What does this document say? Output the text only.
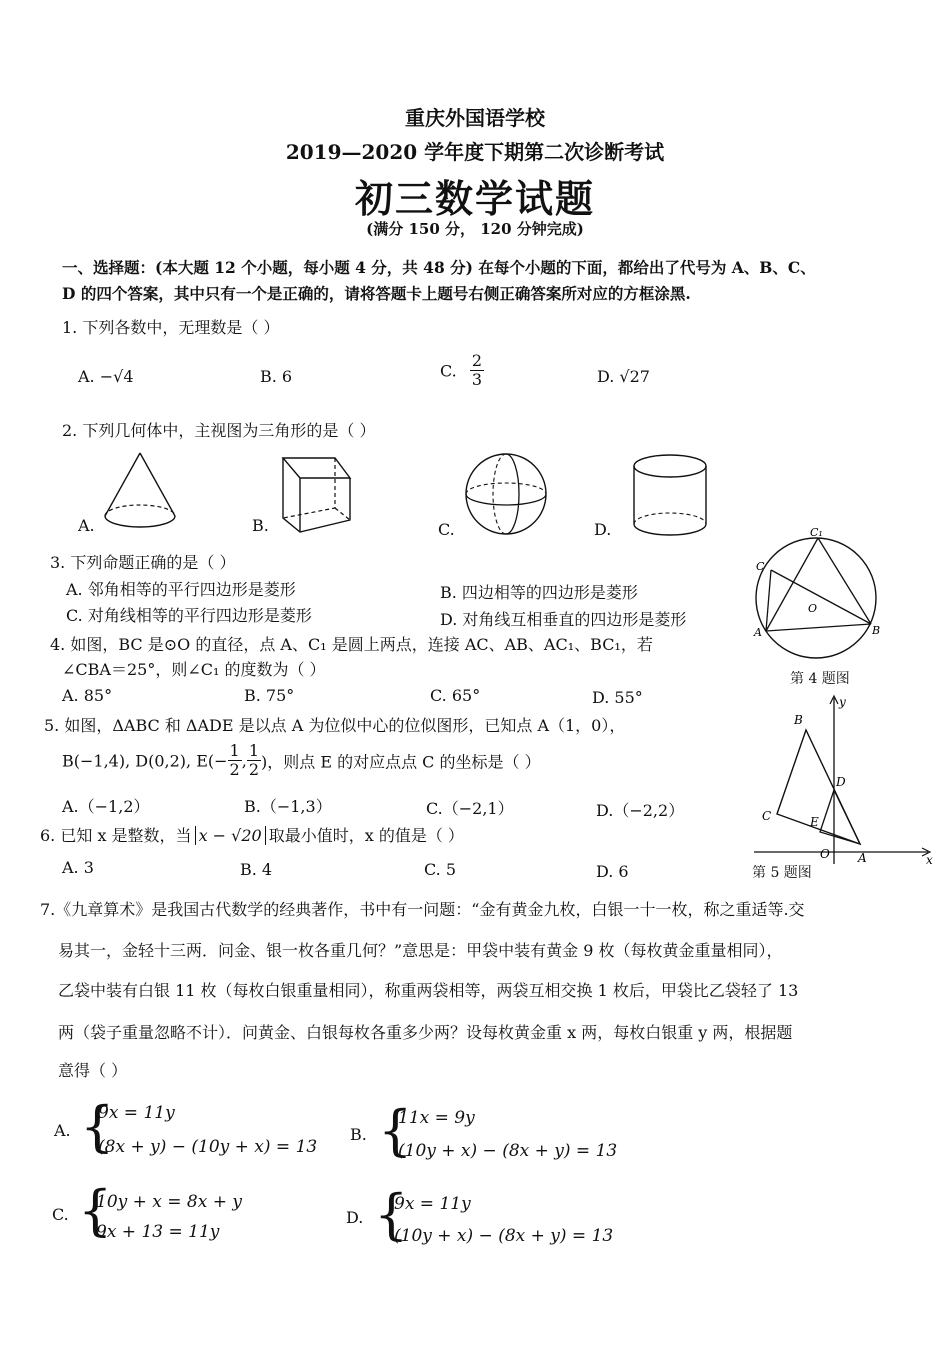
重庆外国语学校
2019—2020 学年度下期第二次诊断考试
初三数学试题
(满分 150 分， 120 分钟完成)
一、选择题：(本大题 12 个小题，每小题 4 分，共 48 分) 在每个小题的下面，都给出了代号为 A、B、C、
D 的四个答案，其中只有一个是正确的，请将答题卡上题号右侧正确答案所对应的方框涂黑.
1. 下列各数中，无理数是（ ）
A. −√4	B. 6	C. $\frac{2}{3}$	D. √27
2. 下列几何体中，主视图为三角形的是（ ）
A.	B.	C.	D.
3. 下列命题正确的是（ ）
A. 邻角相等的平行四边形是菱形	B. 四边相等的四边形是菱形
C. 对角线相等的平行四边形是菱形	D. 对角线互相垂直的四边形是菱形
C₁
C
O
A	B
第 4 题图
4. 如图，BC 是⊙O 的直径，点 A、C₁ 是圆上两点，连接 AC、AB、AC₁、BC₁，若
∠CBA＝25°，则∠C₁ 的度数为（ ）
A. 85°	B. 75°	C. 65°	D. 55°
B
y
D
C	E
O A	x
第 5 题图
5. 如图，ΔABC 和 ΔADE 是以点 A 为位似中心的位似图形，已知点 A（1，0），
B(−1,4), D(0,2), $E(- \frac{1}{2}$ , $\frac{1}{2}$ )，则点 E 的对应点点 C 的坐标是（ ）
A.（−1,2）	B.（−1,3）	C.（−2,1）	D.（−2,2）
6. 已知 x 是整数，当 x − √20 取最小值时，x 的值是（ ）
A. 3	B. 4	C. 5	D. 6
7.《九章算术》是我国古代数学的经典著作，书中有一问题：“金有黄金九枚，白银一十一枚，称之重适等.交
易其一，金轻十三两．问金、银一枚各重几何？”意思是：甲袋中装有黄金 9 枚（每枚黄金重量相同），
乙袋中装有白银 11 枚（每枚白银重量相同），称重两袋相等，两袋互相交换 1 枚后，甲袋比乙袋轻了 13
两（袋子重量忽略不计）．问黄金、白银每枚各重多少两？设每枚黄金重 x 两，每枚白银重 y 两，根据题
意得（ ）
A. {
9x = 11y
(8x + y) − (10y + x) = 13
B. {
11x = 9y
(10y + x) − (8x + y) = 13
C. {
10y + x = 8x + y
9x + 13 = 11y
D. {
9x = 11y
(10y + x) − (8x + y) = 13
